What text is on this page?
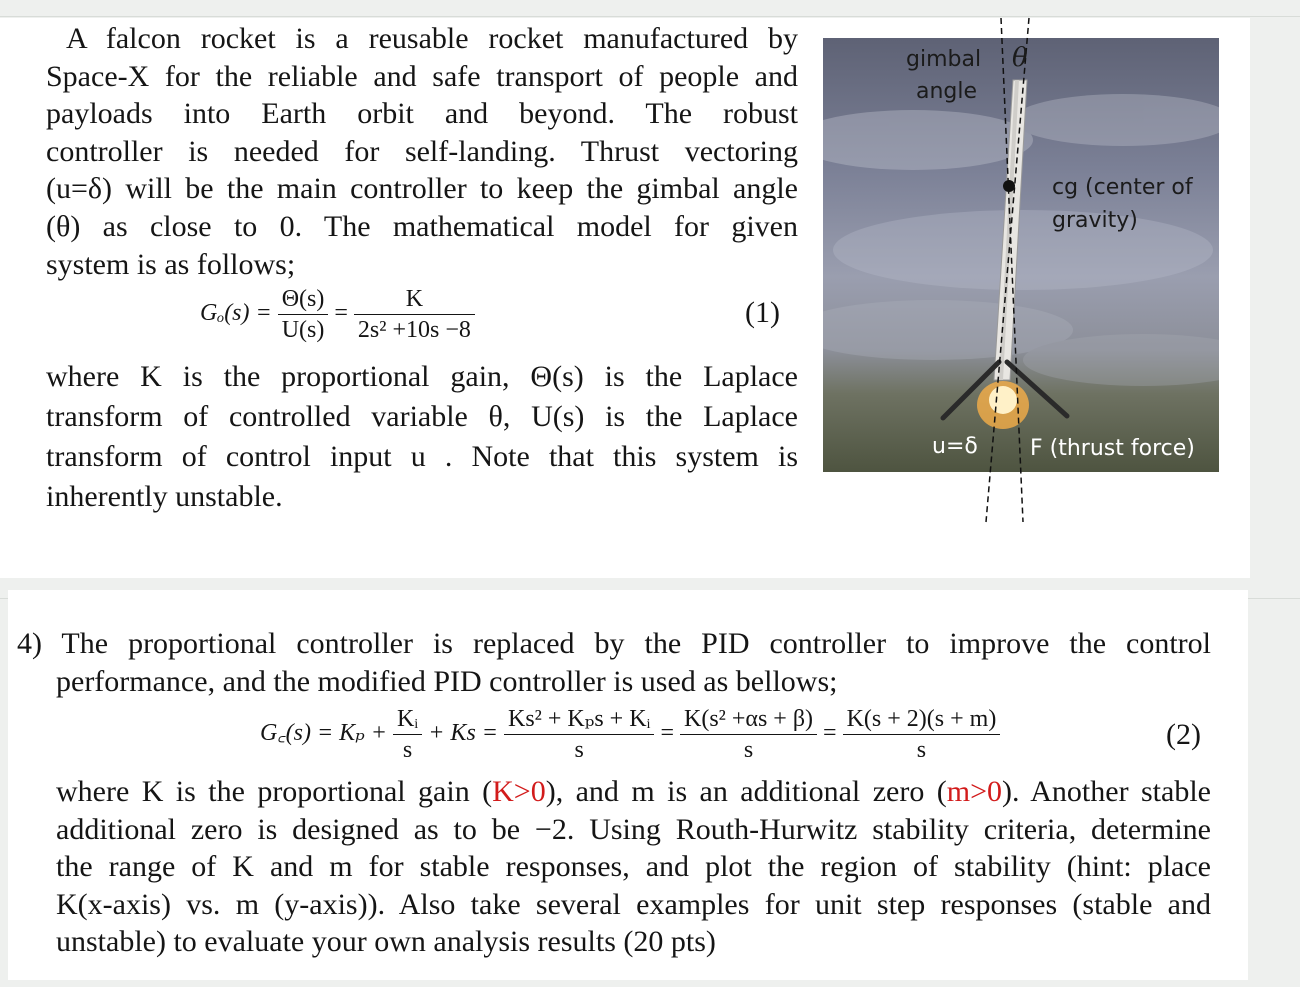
A falcon rocket is a reusable rocket manufactured by
Space-X for the reliable and safe transport of people and
payloads into Earth orbit and beyond. The robust
controller is needed for self-landing. Thrust vectoring
(u=δ) will be the main controller to keep the gimbal angle
(θ) as close to 0. The mathematical model for given
system is as follows;
$G_o(s) = \frac{\Theta(s)}{U(s)} = \frac{K}{\text{2s² +10s −8}}$	(1)
where K is the proportional gain, Θ(s) is the Laplace
transform of controlled variable θ, U(s) is the Laplace
transform of control input u . Note that this system is
inherently unstable.
gimbal
angle
θ
cg (center of
gravity)
u=δ F (thrust force)
4) The proportional controller is replaced by the PID controller to improve the control
performance, and the modified PID controller is used as bellows;
G꜀(s) = $K_p + \frac{\text{Kᵢ}}{s} + Ks = \frac{\text{Ks² + Kₚs + Kᵢ}}{s} = \frac{\text{K(s² +αs + β)}}{s} = \frac{K(s + 2)(s + m)}{s}$	(2)
where K is the proportional gain (K>0), and m is an additional zero (m>0). Another stable
additional zero is designed as to be −2. Using Routh-Hurwitz stability criteria, determine
the range of K and m for stable responses, and plot the region of stability (hint: place
K(x-axis) vs. m (y-axis)). Also take several examples for unit step responses (stable and
unstable) to evaluate your own analysis results (20 pts)
